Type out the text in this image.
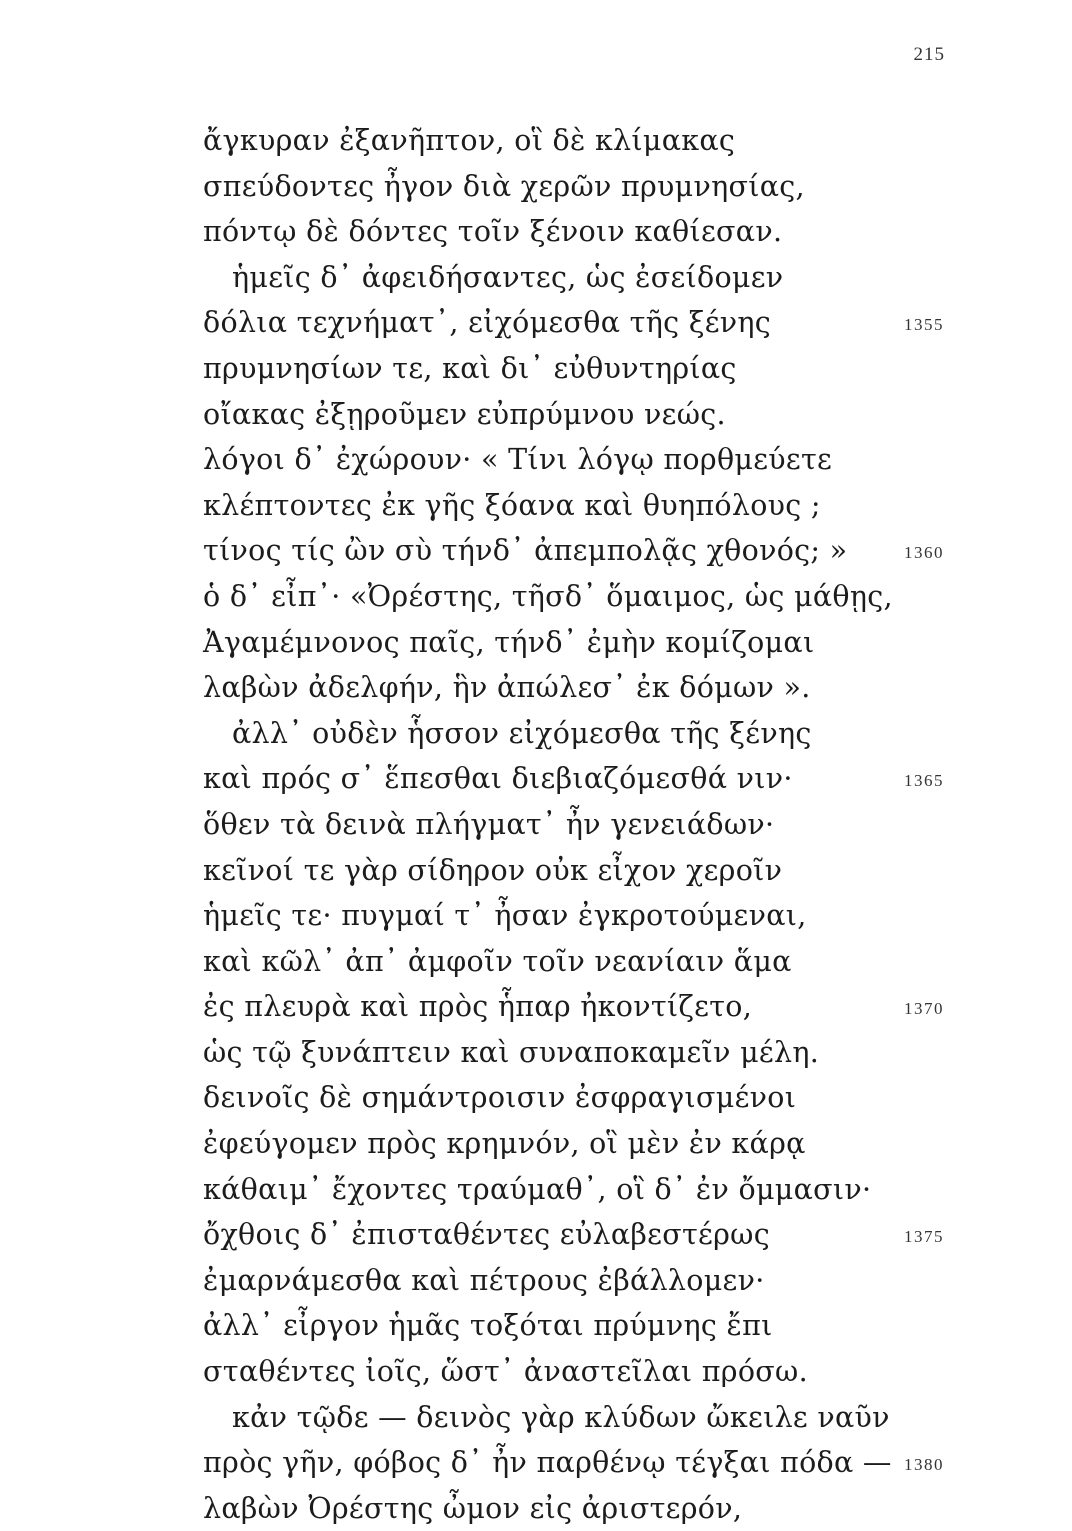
215
ἄγκυραν ἐξανῆπτον, οἳ δὲ κλίμακας
σπεύδοντες ἦγον διὰ χερῶν πρυμνησίας,
πόντῳ δὲ δόντες τοῖν ξένοιν καθίεσαν.
ἡμεῖς δ᾽ ἀφειδήσαντες, ὡς ἐσείδομεν
δόλια τεχνήματ᾽, εἰχόμεσθα τῆς ξένης	1355
πρυμνησίων τε, καὶ δι᾽ εὐθυντηρίας
οἴακας ἐξῃροῦμεν εὐπρύμνου νεώς.
λόγοι δ᾽ ἐχώρουν· « Τίνι λόγῳ πορθμεύετε
κλέπτοντες ἐκ γῆς ξόανα καὶ θυηπόλους ;
τίνος τίς ὢν σὺ τήνδ᾽ ἀπεμπολᾷς χθονός; »	1360
ὁ δ᾽ εἶπ᾽· «Ὀρέστης, τῆσδ᾽ ὅμαιμος, ὡς μάθῃς,
Ἀγαμέμνονος παῖς, τήνδ᾽ ἐμὴν κομίζομαι
λαβὼν ἀδελφήν, ἣν ἀπώλεσ᾽ ἐκ δόμων ».
ἀλλ᾽ οὐδὲν ἧσσον εἰχόμεσθα τῆς ξένης
καὶ πρός σ᾽ ἕπεσθαι διεβιαζόμεσθά νιν·	1365
ὅθεν τὰ δεινὰ πλήγματ᾽ ἦν γενειάδων·
κεῖνοί τε γὰρ σίδηρον οὐκ εἶχον χεροῖν
ἡμεῖς τε· πυγμαί τ᾽ ἦσαν ἐγκροτούμεναι,
καὶ κῶλ᾽ ἀπ᾽ ἀμφοῖν τοῖν νεανίαιν ἅμα
ἐς πλευρὰ καὶ πρὸς ἧπαρ ἠκοντίζετο,	1370
ὡς τῷ ξυνάπτειν καὶ συναποκαμεῖν μέλη.
δεινοῖς δὲ σημάντροισιν ἐσφραγισμένοι
ἐφεύγομεν πρὸς κρημνόν, οἳ μὲν ἐν κάρᾳ
κάθαιμ᾽ ἔχοντες τραύμαθ᾽, οἳ δ᾽ ἐν ὄμμασιν·
ὄχθοις δ᾽ ἐπισταθέντες εὐλαβεστέρως	1375
ἐμαρνάμεσθα καὶ πέτρους ἐβάλλομεν·
ἀλλ᾽ εἶργον ἡμᾶς τοξόται πρύμνης ἔπι
σταθέντες ἰοῖς, ὥστ᾽ ἀναστεῖλαι πρόσω.
κἀν τῷδε — δεινὸς γὰρ κλύδων ὤκειλε ναῦν
πρὸς γῆν, φόβος δ᾽ ἦν παρθένῳ τέγξαι πόδα — 1380
λαβὼν Ὀρέστης ὦμον εἰς ἀριστερόν,
